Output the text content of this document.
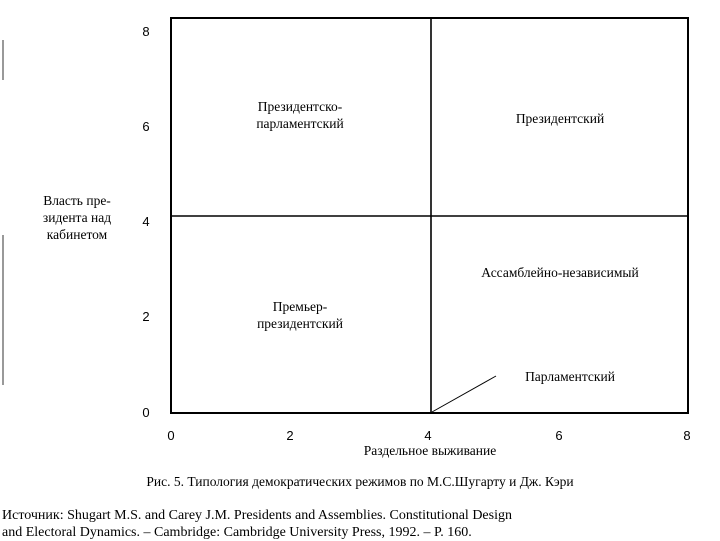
0
2
4
6
8
0	2	4	6	8
Власть пре-
зидента над
кабинетом
Президентско-
парламентский	Президентский
Ассамблейно-независимый
Премьер-
президентский
Парламентский
Раздельное выживание
Рис. 5. Типология демократических режимов по М.С.Шугарту и Дж. Кэри

Источник: Shugart M.S. and Carey J.M. Presidents and Assemblies. Constitutional Design

and Electoral Dynamics. – Cambridge: Cambridge University Press, 1992. – P. 160.
